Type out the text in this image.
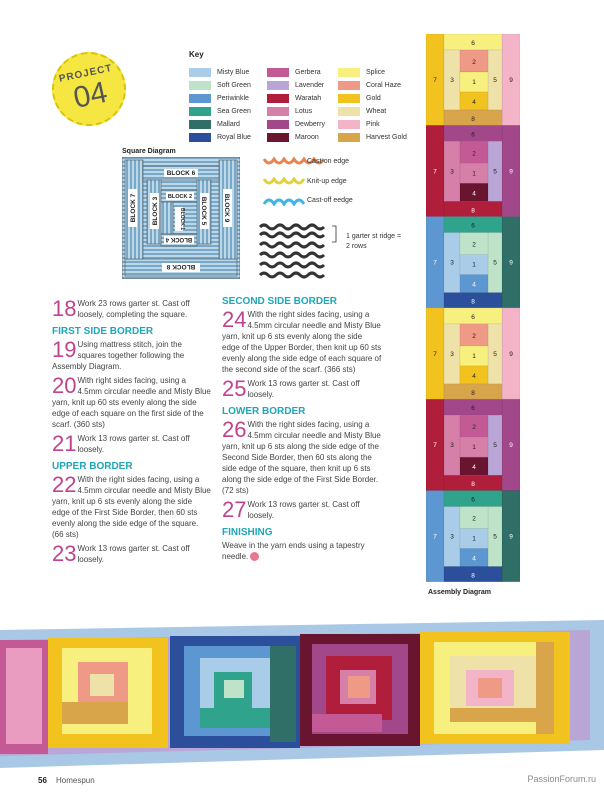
PROJECT
04
Key
Misty Blue
Soft Green
Periwinkle
Sea Green
Mallard
Royal Blue
Gerbera
Lavender
Waratah
Lotus
Dewberry
Maroon
Splice
Coral Haze
Gold
Wheat
Pink
Harvest Gold
Square Diagram
BLOCK 6
BLOCK 7 BLOCK 3 BLOCK 2
BLOCK 1
BLOCK 4
BLOCK 5 BLOCK 9
BLOCK 8
Cast-on edge
Knit-up edge
Cast-off eedge
1 garter st ridge = 2 rows
18 Work 23 rows garter st. Cast off loosely, completing the square.
FIRST SIDE BORDER
19 Using mattress stitch, join the squares together following the Assembly Diagram.
20 With right sides facing, using a 4.5mm circular needle and Misty Blue yarn, knit up 60 sts evenly along the side edge of each square on the first side of the scarf. (360 sts)
21 Work 13 rows garter st. Cast off loosely.
UPPER BORDER
22 With the right sides facing, using a 4.5mm circular needle and Misty Blue yarn, knit up 6 sts evenly along the side edge of the First Side Border, then 60 sts evenly along the side edge of the square. (66 sts)
23 Work 13 rows garter st. Cast off loosely.
SECOND SIDE BORDER
24 With the right sides facing, using a 4.5mm circular needle and Misty Blue yarn, knit up 6 sts evenly along the side edge of the Upper Border, then knit up 60 sts evenly along the side edge of each square of the second side of the scarf. (366 sts)
25 Work 13 rows garter st. Cast off loosely.
LOWER BORDER
26 With the right sides facing, using a 4.5mm circular needle and Misty Blue yarn, knit up 6 sts along the side edge of the Second Side Border, then 60 sts along the side edge of the square, then knit up 6 sts along the side edge of the First Side Border. (72 sts)
27 Work 13 rows garter st. Cast off loosely.
FINISHING
Weave in the yarn ends using a tapestry needle.
6
7 3
2
1	5 9
4
8
6
7 3
2
1	5 9
4
8
6
7 3
2
1	5 9
4
8
6
7 3
2
1	5 9
4
8
6
7 3
2
1	5 9
4
8
6
7 3
2
1	5 9
4
8
Assembly Diagram
56 Homespun	PassionForum.ru
